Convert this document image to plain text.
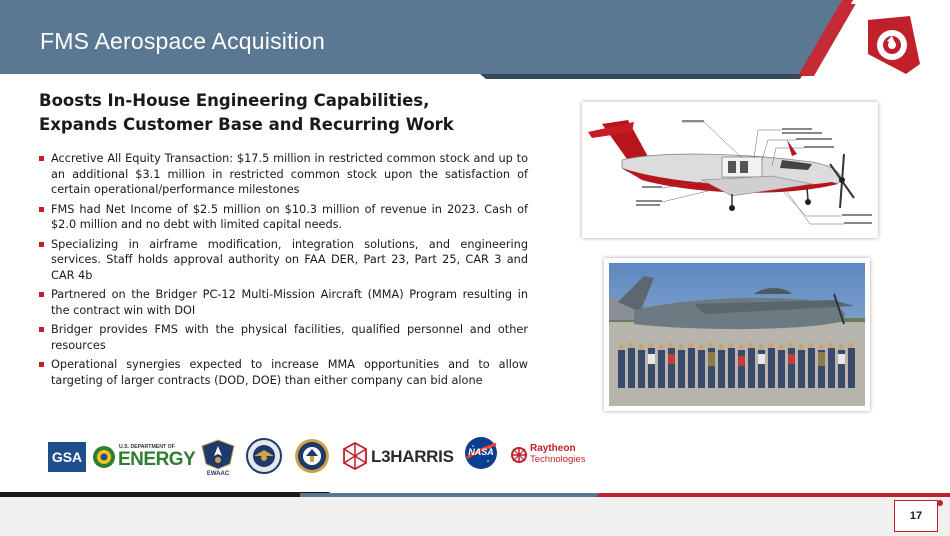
FMS Aerospace Acquisition
Boosts In-House Engineering Capabilities,
Expands Customer Base and Recurring Work
Accretive All Equity Transaction: $17.5 million in restricted common stock and up to an additional $3.1 million in restricted common stock upon the satisfaction of certain operational/performance milestones
FMS had Net Income of $2.5 million on $10.3 million of revenue in 2023. Cash of $2.0 million and no debt with limited capital needs.
Specializing in airframe modification, integration solutions, and engineering services. Staff holds approval authority on FAA DER, Part 23, Part 25, CAR 3 and CAR 4b
Partnered on the Bridger PC-12 Multi-Mission Aircraft (MMA) Program resulting in the contract win with DOI
Bridger provides FMS with the physical facilities, qualified personnel and other resources
Operational synergies expected to increase MMA opportunities and to allow targeting of larger contracts (DOD, DOE) than either company can bid alone
GSA
U.S. DEPARTMENT OF
ENERGY
EWAAC
L3HARRIS	NASA	Raytheon
Technologies
17
